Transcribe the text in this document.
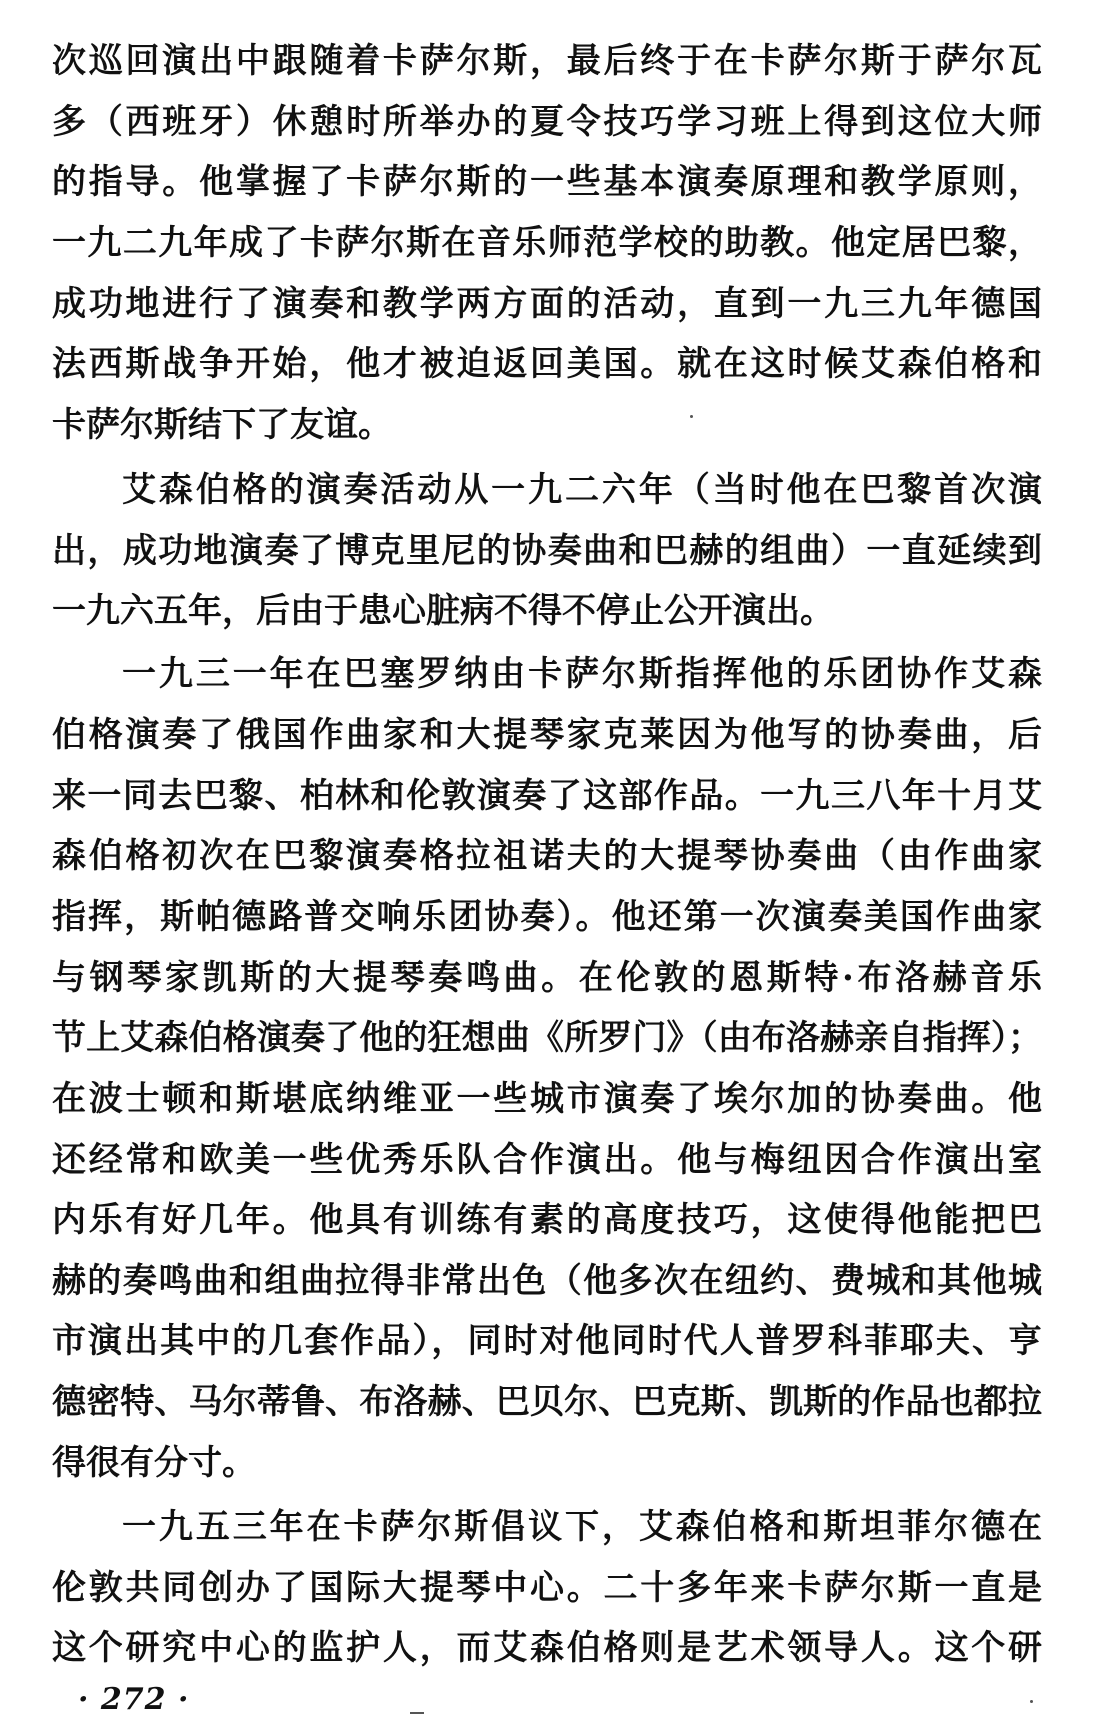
次巡回演出中跟随着卡萨尔斯，最后终于在卡萨尔斯于萨尔瓦
多（西班牙）休憩时所举办的夏令技巧学习班上得到这位大师
的指导。他掌握了卡萨尔斯的一些基本演奏原理和教学原则，
一九二九年成了卡萨尔斯在音乐师范学校的助教。他定居巴黎，
成功地进行了演奏和教学两方面的活动，直到一九三九年德国
法西斯战争开始，他才被迫返回美国。就在这时候艾森伯格和
卡萨尔斯结下了友谊。
艾森伯格的演奏活动从一九二六年（当时他在巴黎首次演
出，成功地演奏了博克里尼的协奏曲和巴赫的组曲）一直延续到
一九六五年，后由于患心脏病不得不停止公开演出。
一九三一年在巴塞罗纳由卡萨尔斯指挥他的乐团协作艾森
伯格演奏了俄国作曲家和大提琴家克莱因为他写的协奏曲，后
来一同去巴黎、柏林和伦敦演奏了这部作品。一九三八年十月艾
森伯格初次在巴黎演奏格拉祖诺夫的大提琴协奏曲（由作曲家
指挥，斯帕德路普交响乐团协奏）。他还第一次演奏美国作曲家
与钢琴家凯斯的大提琴奏鸣曲。在伦敦的恩斯特·布洛赫音乐
节上艾森伯格演奏了他的狂想曲《所罗门》（由布洛赫亲自指挥）；
在波士顿和斯堪底纳维亚一些城市演奏了埃尔加的协奏曲。他
还经常和欧美一些优秀乐队合作演出。他与梅纽因合作演出室
内乐有好几年。他具有训练有素的高度技巧，这使得他能把巴
赫的奏鸣曲和组曲拉得非常出色（他多次在纽约、费城和其他城
市演出其中的几套作品），同时对他同时代人普罗科菲耶夫、亨
德密特、马尔蒂鲁、布洛赫、巴贝尔、巴克斯、凯斯的作品也都拉
得很有分寸。
一九五三年在卡萨尔斯倡议下，艾森伯格和斯坦菲尔德在
伦敦共同创办了国际大提琴中心。二十多年来卡萨尔斯一直是
这个研究中心的监护人，而艾森伯格则是艺术领导人。这个研
· 272 ·
